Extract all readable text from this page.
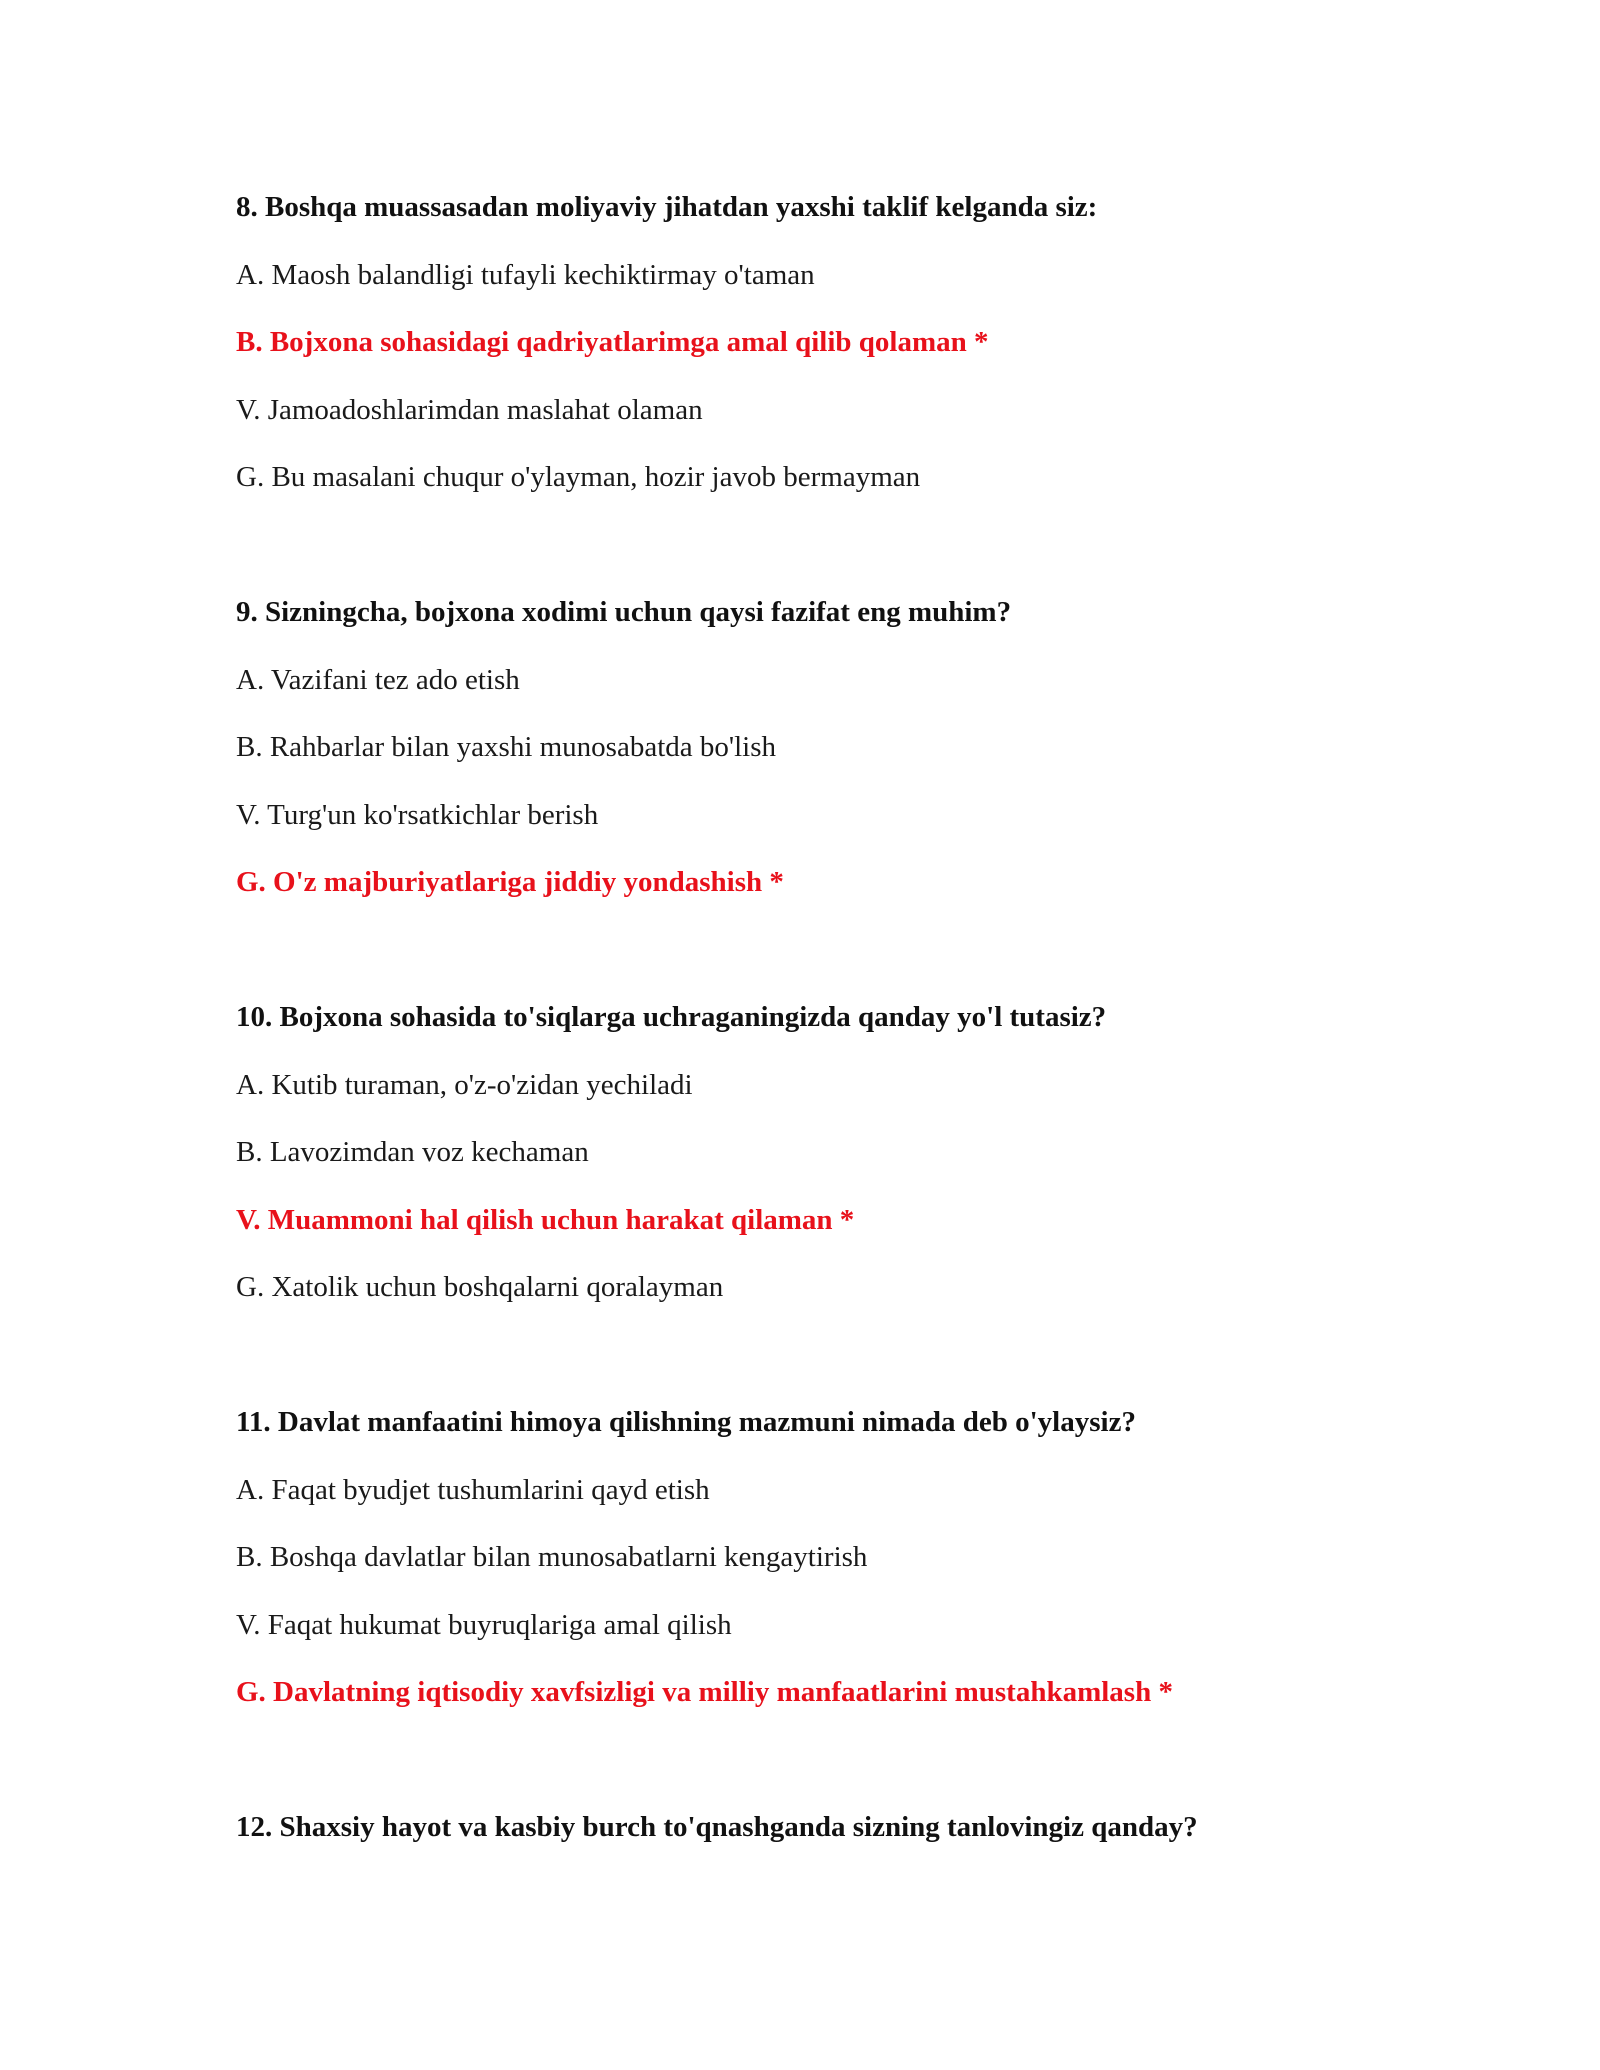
8. Boshqa muassasadan moliyaviy jihatdan yaxshi taklif kelganda siz:
A. Maosh balandligi tufayli kechiktirmay o'taman
B. Bojxona sohasidagi qadriyatlarimga amal qilib qolaman *
V. Jamoadoshlarimdan maslahat olaman
G. Bu masalani chuqur o'ylayman, hozir javob bermayman
9. Sizningcha, bojxona xodimi uchun qaysi fazifat eng muhim?
A. Vazifani tez ado etish
B. Rahbarlar bilan yaxshi munosabatda bo'lish
V. Turg'un ko'rsatkichlar berish
G. O'z majburiyatlariga jiddiy yondashish *
10. Bojxona sohasida to'siqlarga uchraganingizda qanday yo'l tutasiz?
A. Kutib turaman, o'z-o'zidan yechiladi
B. Lavozimdan voz kechaman
V. Muammoni hal qilish uchun harakat qilaman *
G. Xatolik uchun boshqalarni qoralayman
11. Davlat manfaatini himoya qilishning mazmuni nimada deb o'ylaysiz?
A. Faqat byudjet tushumlarini qayd etish
B. Boshqa davlatlar bilan munosabatlarni kengaytirish
V. Faqat hukumat buyruqlariga amal qilish
G. Davlatning iqtisodiy xavfsizligi va milliy manfaatlarini mustahkamlash *
12. Shaxsiy hayot va kasbiy burch to'qnashganda sizning tanlovingiz qanday?
